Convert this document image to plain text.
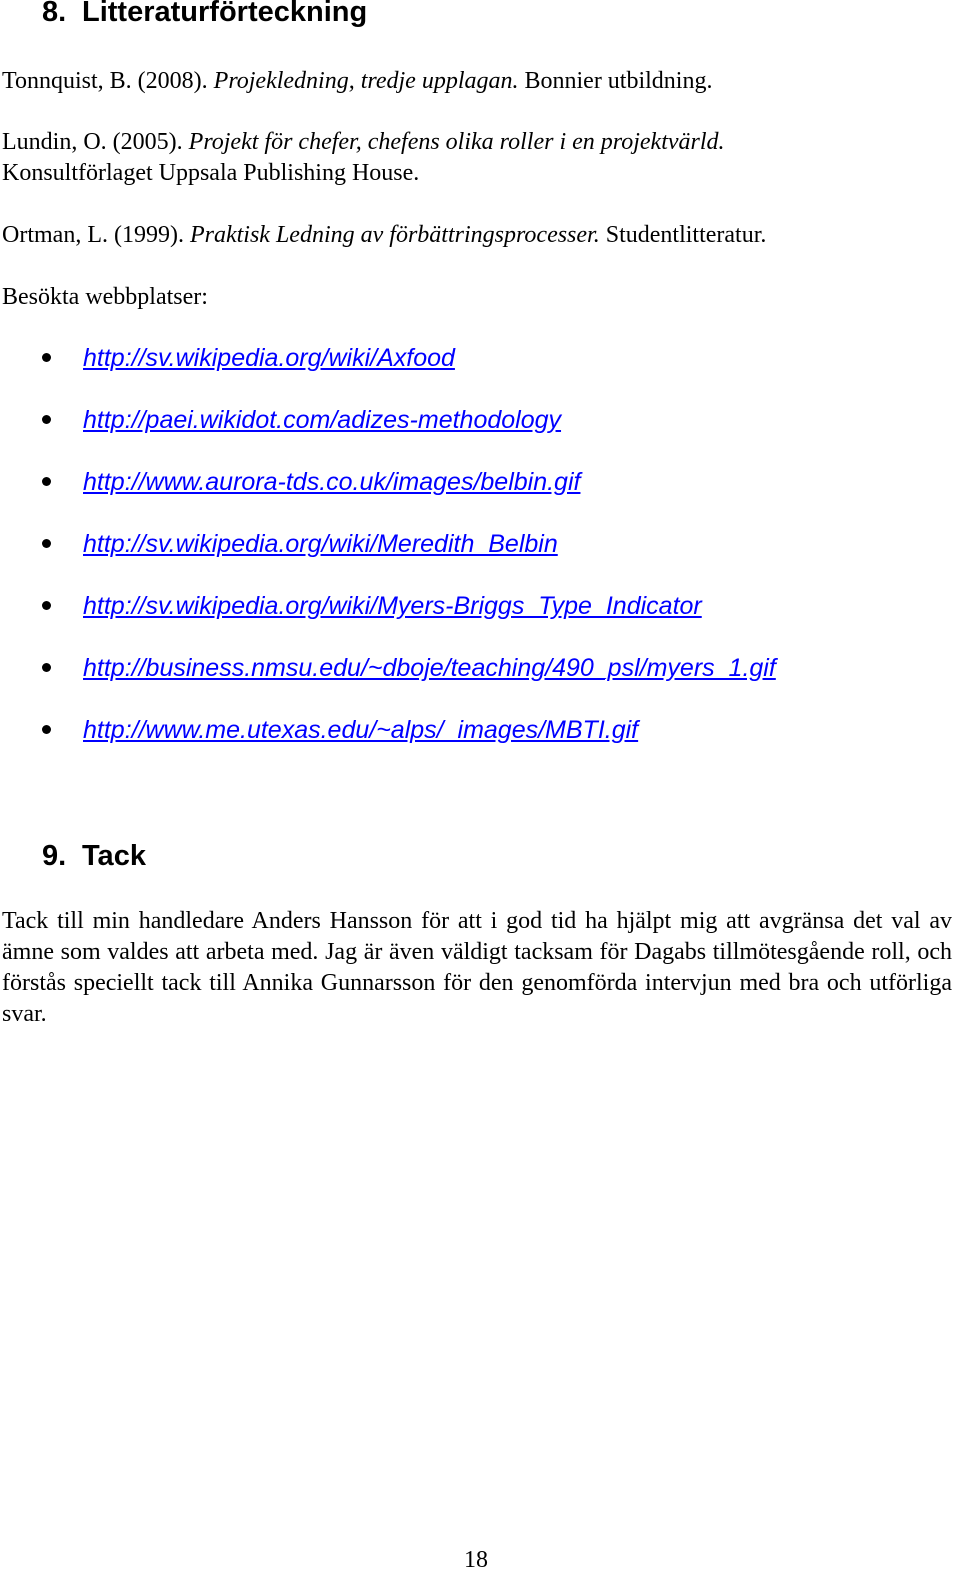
8. Litteraturförteckning

Tonnquist, B. (2008). Projekledning, tredje upplagan. Bonnier utbildning.

Lundin, O. (2005). Projekt för chefer, chefens olika roller i en projektvärld.

Konsultförlaget Uppsala Publishing House.

Ortman, L. (1999). Praktisk Ledning av förbättringsprocesser. Studentlitteratur.

Besökta webbplatser:

http://sv.wikipedia.org/wiki/Axfood
http://paei.wikidot.com/adizes-methodology
http://www.aurora-tds.co.uk/images/belbin.gif
http://sv.wikipedia.org/wiki/Meredith_Belbin
http://sv.wikipedia.org/wiki/Myers-Briggs_Type_Indicator
http://business.nmsu.edu/~dboje/teaching/490_psl/myers_1.gif
http://www.me.utexas.edu/~alps/_images/MBTI.gif
9. Tack

Tack till min handledare Anders Hansson för att i god tid ha hjälpt mig att avgränsa det val av ämne som valdes att arbeta med. Jag är även väldigt tacksam för Dagabs tillmötesgående roll, och förstås speciellt tack till Annika Gunnarsson för den genomförda intervjun med bra och utförliga svar.

18
